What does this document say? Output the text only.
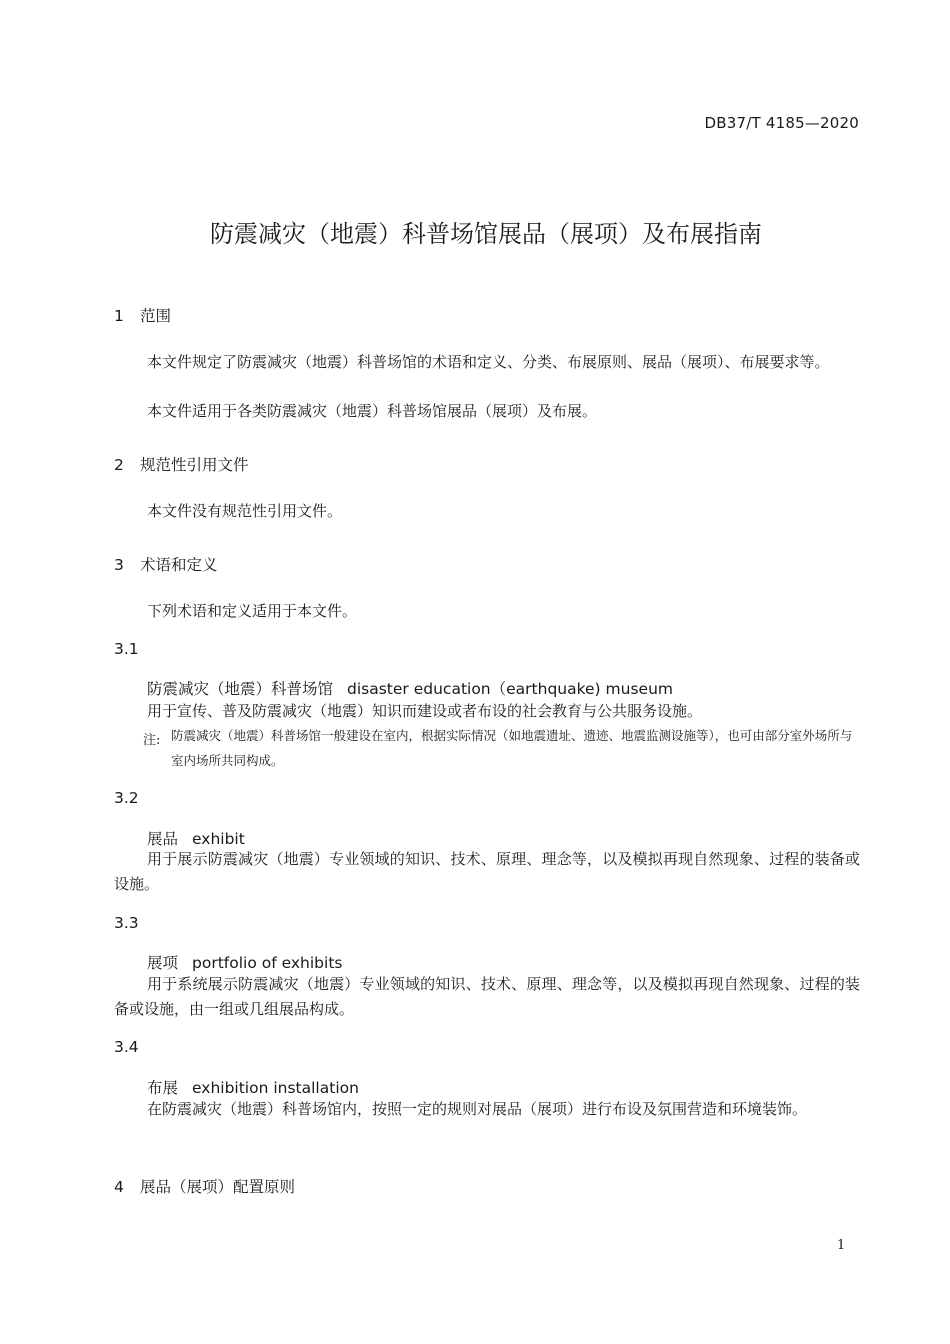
DB37/T 4185—2020
防震减灾（地震）科普场馆展品（展项）及布展指南
1 范围
本文件规定了防震减灾（地震）科普场馆的术语和定义、分类、布展原则、展品（展项）、布展要求等。
本文件适用于各类防震减灾（地震）科普场馆展品（展项）及布展。
2 规范性引用文件
本文件没有规范性引用文件。
3 术语和定义
下列术语和定义适用于本文件。
3.1
防震减灾（地震）科普场馆 disaster education（earthquake) museum
用于宣传、普及防震减灾（地震）知识而建设或者布设的社会教育与公共服务设施。
注: 防震减灾（地震）科普场馆一般建设在室内，根据实际情况（如地震遗址、遗迹、地震监测设施等），也可由部分室外场所与室内场所共同构成。
3.2
展品 exhibit
用于展示防震减灾（地震）专业领域的知识、技术、原理、理念等，以及模拟再现自然现象、过程的装备或设施。
3.3
展项 portfolio of exhibits
用于系统展示防震减灾（地震）专业领域的知识、技术、原理、理念等，以及模拟再现自然现象、过程的装备或设施，由一组或几组展品构成。
3.4
布展 exhibition installation
在防震减灾（地震）科普场馆内，按照一定的规则对展品（展项）进行布设及氛围营造和环境装饰。
4 展品（展项）配置原则
1
